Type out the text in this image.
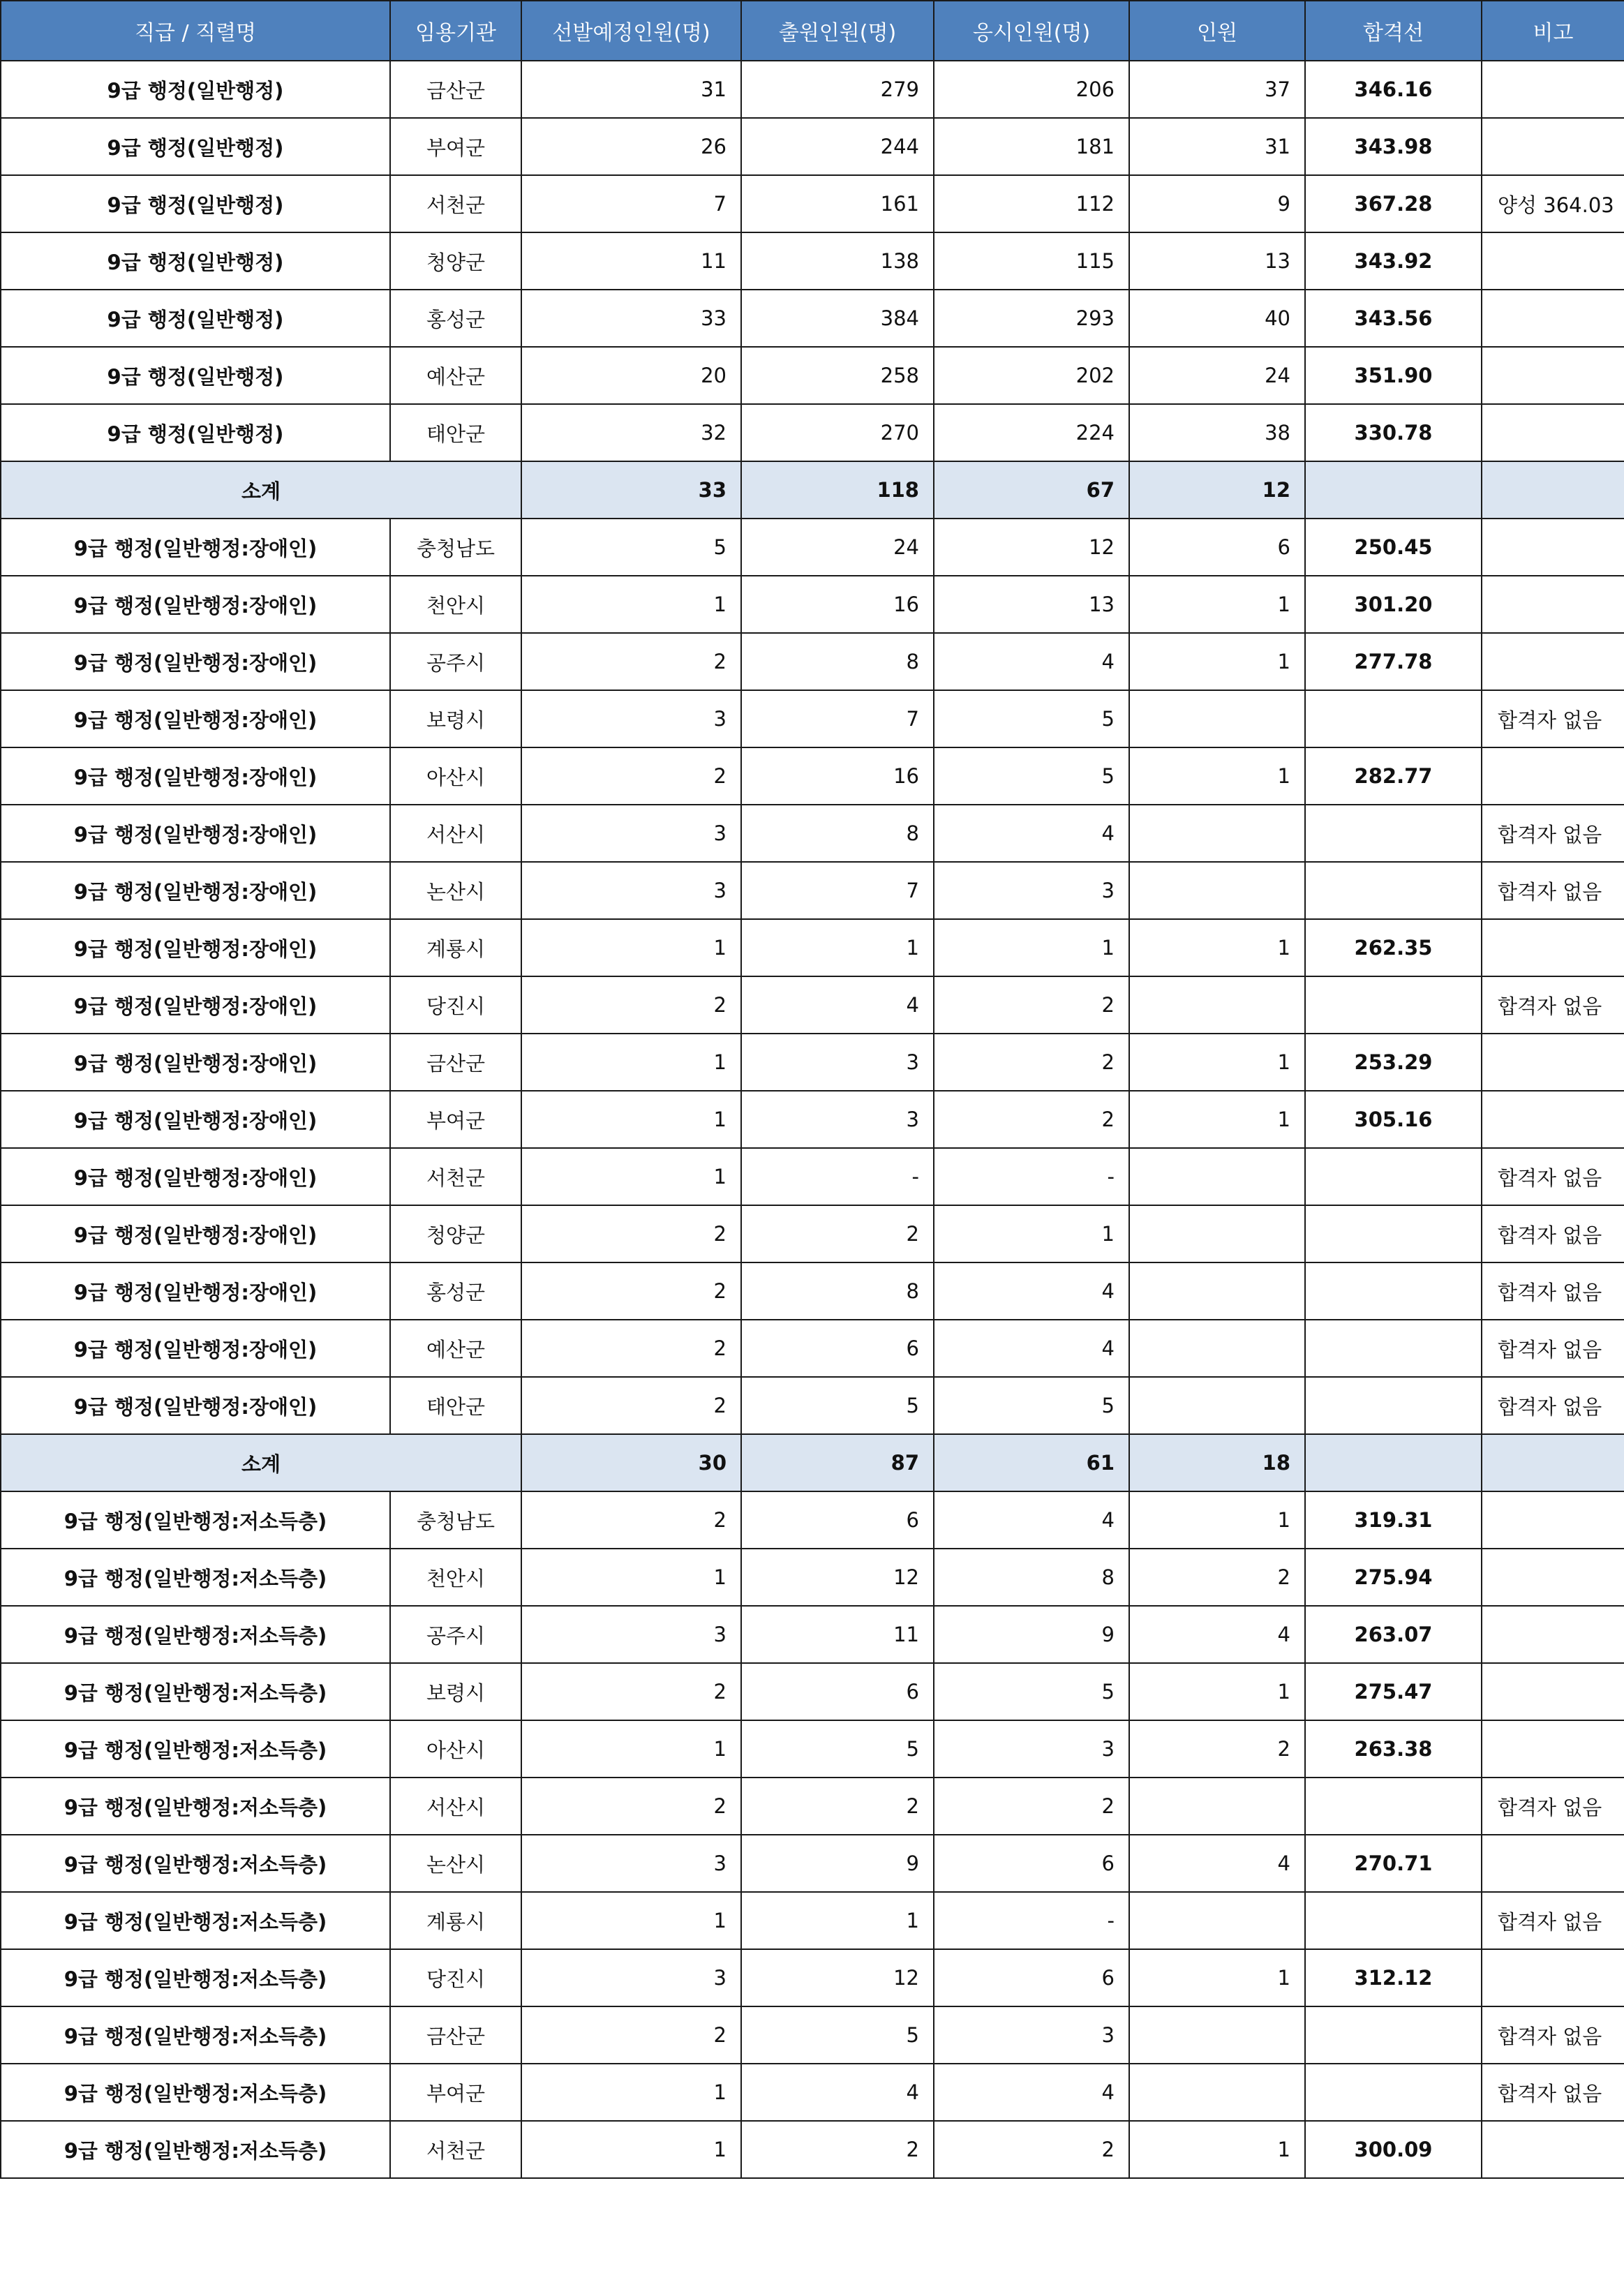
직급 / 직렬명	임용기관	선발예정인원(명)	출원인원(명)	응시인원(명)	인원	합격선	비고
9급 행정(일반행정)	금산군	31	279	206	37	346.16	
9급 행정(일반행정)	부여군	26	244	181	31	343.98	
9급 행정(일반행정)	서천군	7	161	112	9	367.28	양성 364.03
9급 행정(일반행정)	청양군	11	138	115	13	343.92	
9급 행정(일반행정)	홍성군	33	384	293	40	343.56	
9급 행정(일반행정)	예산군	20	258	202	24	351.90	
9급 행정(일반행정)	태안군	32	270	224	38	330.78	
소계		33	118	67	12		
9급 행정(일반행정:장애인)	충청남도	5	24	12	6	250.45	
9급 행정(일반행정:장애인)	천안시	1	16	13	1	301.20	
9급 행정(일반행정:장애인)	공주시	2	8	4	1	277.78	
9급 행정(일반행정:장애인)	보령시	3	7	5			합격자 없음
9급 행정(일반행정:장애인)	아산시	2	16	5	1	282.77	
9급 행정(일반행정:장애인)	서산시	3	8	4			합격자 없음
9급 행정(일반행정:장애인)	논산시	3	7	3			합격자 없음
9급 행정(일반행정:장애인)	계룡시	1	1	1	1	262.35	
9급 행정(일반행정:장애인)	당진시	2	4	2			합격자 없음
9급 행정(일반행정:장애인)	금산군	1	3	2	1	253.29	
9급 행정(일반행정:장애인)	부여군	1	3	2	1	305.16	
9급 행정(일반행정:장애인)	서천군	1	-	-			합격자 없음
9급 행정(일반행정:장애인)	청양군	2	2	1			합격자 없음
9급 행정(일반행정:장애인)	홍성군	2	8	4			합격자 없음
9급 행정(일반행정:장애인)	예산군	2	6	4			합격자 없음
9급 행정(일반행정:장애인)	태안군	2	5	5			합격자 없음
소계		30	87	61	18		
9급 행정(일반행정:저소득층)	충청남도	2	6	4	1	319.31	
9급 행정(일반행정:저소득층)	천안시	1	12	8	2	275.94	
9급 행정(일반행정:저소득층)	공주시	3	11	9	4	263.07	
9급 행정(일반행정:저소득층)	보령시	2	6	5	1	275.47	
9급 행정(일반행정:저소득층)	아산시	1	5	3	2	263.38	
9급 행정(일반행정:저소득층)	서산시	2	2	2			합격자 없음
9급 행정(일반행정:저소득층)	논산시	3	9	6	4	270.71	
9급 행정(일반행정:저소득층)	계룡시	1	1	-			합격자 없음
9급 행정(일반행정:저소득층)	당진시	3	12	6	1	312.12	
9급 행정(일반행정:저소득층)	금산군	2	5	3			합격자 없음
9급 행정(일반행정:저소득층)	부여군	1	4	4			합격자 없음
9급 행정(일반행정:저소득층)	서천군	1	2	2	1	300.09	
